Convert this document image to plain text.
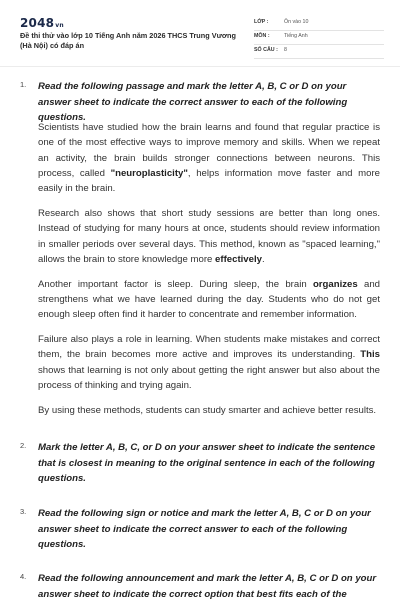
2048vn
Đề thi thử vào lớp 10 Tiếng Anh năm 2026 THCS Trung Vương (Hà Nội) có đáp án
LỚP :	Ôn vào 10
MÔN :	Tiếng Anh
SỐ CÂU : 8
1. Read the following passage and mark the letter A, B, C or D on your answer sheet to indicate the correct answer to each of the following questions.

Scientists have studied how the brain learns and found that regular practice is one of the most effective ways to improve memory and skills. When we repeat an activity, the brain builds stronger connections between neurons. This process, called "neuroplasticity", helps information move faster and more easily in the brain.

Research also shows that short study sessions are better than long ones. Instead of studying for many hours at once, students should review information in smaller periods over several days. This method, known as "spaced learning," allows the brain to store knowledge more effectively.

Another important factor is sleep. During sleep, the brain organizes and strengthens what we have learned during the day. Students who do not get enough sleep often find it harder to concentrate and remember information.

Failure also plays a role in learning. When students make mistakes and correct them, the brain becomes more active and improves its understanding. This shows that learning is not only about getting the right answer but also about the process of thinking and trying again.

By using these methods, students can study smarter and achieve better results.

2. Mark the letter A, B, C, or D on your answer sheet to indicate the sentence that is closest in meaning to the original sentence in each of the following questions.
3. Read the following sign or notice and mark the letter A, B, C or D on your answer sheet to indicate the correct answer to each of the following questions.
4. Read the following announcement and mark the letter A, B, C or D on your answer sheet to indicate the correct option that best fits each of the
